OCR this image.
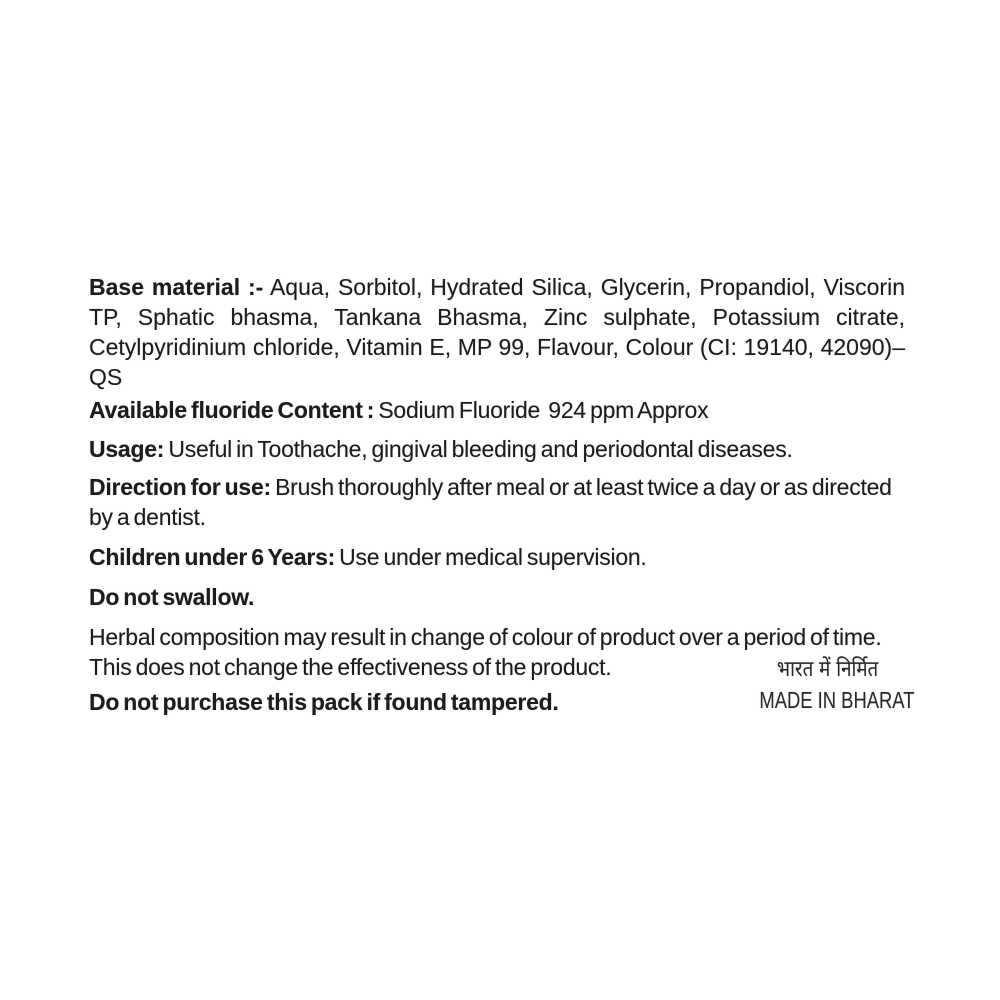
Base material :- Aqua, Sorbitol, Hydrated Silica, Glycerin, Propandiol, Viscorin TP, Sphatic bhasma, Tankana Bhasma, Zinc sulphate, Potassium citrate, Cetylpyridinium chloride, Vitamin E, MP 99, Flavour, Colour (CI: 19140, 42090)–QS

Available fluoride Content : Sodium Fluoride  924 ppm Approx

Usage: Useful in Toothache, gingival bleeding and periodontal diseases.

Direction for use: Brush thoroughly after meal or at least twice a day or as directed by a dentist.

Children under 6 Years: Use under medical supervision.

Do not swallow.

Herbal composition may result in change of colour of product over a period of time. This does not change the effectiveness of the product.

Do not purchase this pack if found tampered.

भारत में निर्मित
MADE IN BHARAT
